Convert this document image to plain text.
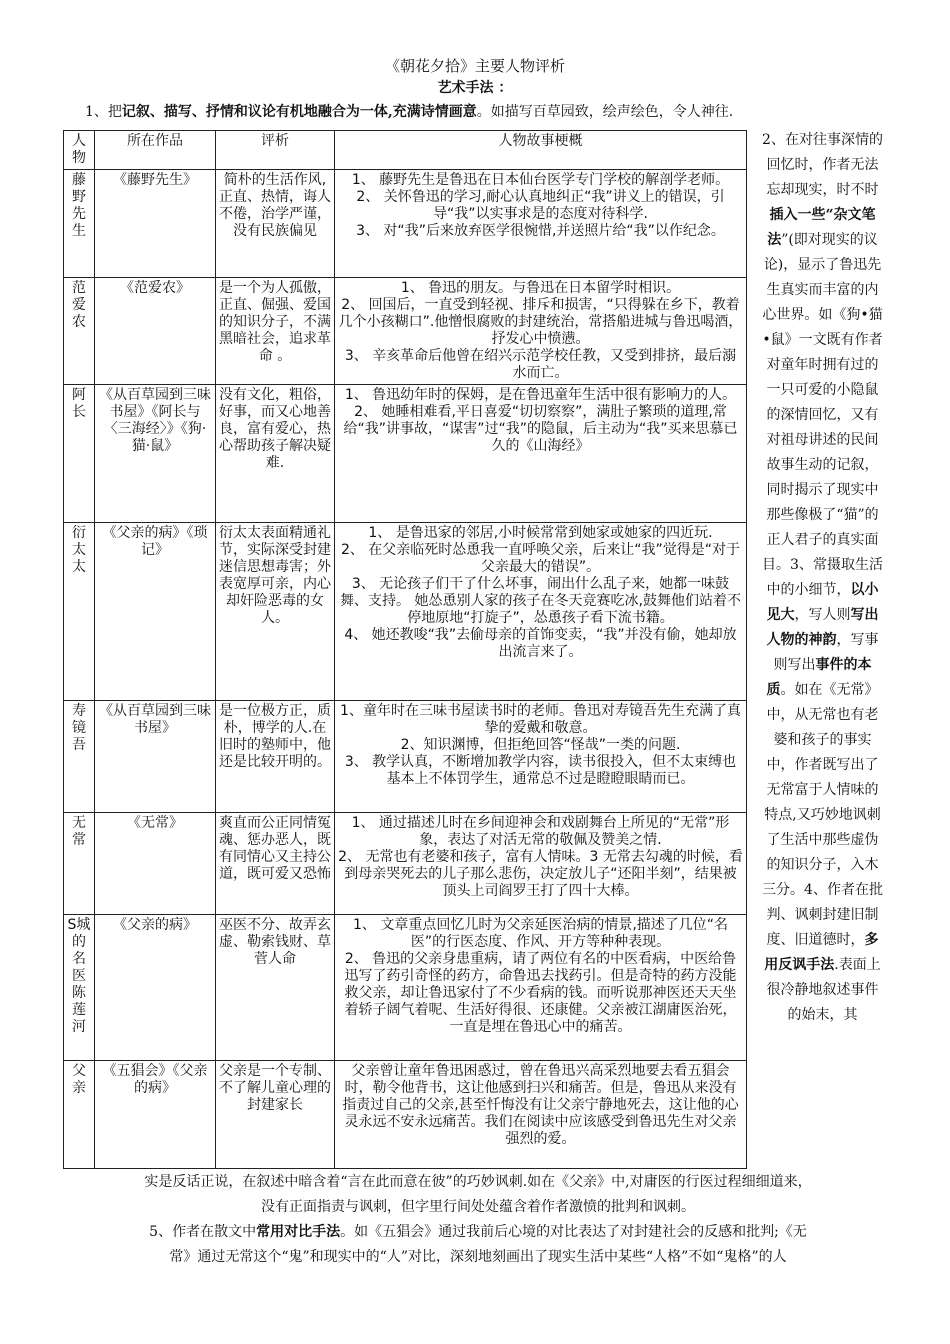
《朝花夕拾》主要人物评析
艺术手法 ：
1、把记叙、描写、抒情和议论有机地融合为一体,充满诗情画意。如描写百草园致，绘声绘色，令人神往.
人物	所在作品	评析	人物故事梗概
藤野先生	《藤野先生》	简朴的生活作风,正直、热情，诲人不倦，治学严谨，没有民族偏见	1、 藤野先生是鲁迅在日本仙台医学专门学校的解剖学老师。
2、 关怀鲁迅的学习,耐心认真地纠正“我”讲义上的错误，引导“我”以实事求是的态度对待科学.
3、 对“我”后来放弃医学很惋惜,并送照片给“我”以作纪念。

范爱农	《范爱农》	是一个为人孤傲，正直、倔强、爱国的知识分子，不满黑暗社会，追求革命 。	1、 鲁迅的朋友。与鲁迅在日本留学时相识。
2、 回国后，一直受到轻视、排斥和损害，“只得躲在乡下，教着几个小孩糊口”.他憎恨腐败的封建统治，常搭船进城与鲁迅喝酒，抒发心中愤懑。
3、 辛亥革命后他曾在绍兴示范学校任教，又受到排挤，最后溺水而亡。

阿长	《从百草园到三味书屋》《阿长与〈三海经〉》《狗·猫·鼠》	没有文化，粗俗，好事，而又心地善良，富有爱心，热心帮助孩子解决疑难.	1、 鲁迅幼年时的保姆，是在鲁迅童年生活中很有影响力的人。
2、 她睡相难看,平日喜爱“切切察察”，满肚子繁琐的道理,常给“我”讲事故，“谋害”过“我”的隐鼠，后主动为“我”买来思慕已久的《山海经》

衍太太	《父亲的病》《琐记》	衍太太表面精通礼节，实际深受封建迷信思想毒害；外表宽厚可亲，内心却奸险恶毒的女人。	1、 是鲁迅家的邻居,小时候常常到她家或她家的四近玩.
2、 在父亲临死时怂恿我一直呼唤父亲，后来让“我”觉得是“对于父亲最大的错误”。
3、 无论孩子们干了什么坏事，闹出什么乱子来，她都一味鼓舞、支持。 她怂恿别人家的孩子在冬天竞赛吃冰,鼓舞他们站着不停地原地“打旋子”，怂恿孩子看下流书籍。
4、 她还教唆“我”去偷母亲的首饰变卖，“我”并没有偷，她却放出流言来了。

寿镜吾	《从百草园到三味书屋》	是一位极方正，质朴，博学的人.在旧时的塾师中，他还是比较开明的。	1、童年时在三味书屋读书时的老师。鲁迅对寿镜吾先生充满了真挚的爱戴和敬意。
2、知识渊博，但拒绝回答“怪哉”一类的问题.
3、 教学认真，不断增加教学内容，读书很投入，但不太束缚也基本上不体罚学生，通常总不过是瞪瞪眼睛而已。

无常	《无常》	爽直而公正同情冤魂、惩办恶人，既有同情心又主持公道，既可爱又恐怖	1、 通过描述儿时在乡间迎神会和戏剧舞台上所见的“无常”形象，表达了对活无常的敬佩及赞美之情.
2、 无常也有老婆和孩子，富有人情味。3 无常去勾魂的时候，看到母亲哭死去的儿子那么悲伤，决定放儿子“还阳半刻”，结果被顶头上司阎罗王打了四十大棒。

S城的名医 陈莲河	《父亲的病》	巫医不分、故弄玄虚、勒索钱财、草菅人命	1、 文章重点回忆儿时为父亲延医治病的情景,描述了几位“名医”的行医态度、作风、开方等种种表现。
2、 鲁迅的父亲身患重病，请了两位有名的中医看病，中医给鲁迅写了药引奇怪的药方，命鲁迅去找药引。但是奇特的药方没能救父亲，却让鲁迅家付了不少看病的钱。而听说那神医还天天坐着轿子阔气着呢、生活好得很、还康健。父亲被江湖庸医治死，一直是埋在鲁迅心中的痛苦。

父亲	《五猖会》《父亲的病》	父亲是一个专制、不了解儿童心理的封建家长	父亲曾让童年鲁迅困惑过，曾在鲁迅兴高采烈地要去看五猖会时，勒令他背书，这让他感到扫兴和痛苦。但是，鲁迅从来没有指责过自己的父亲,甚至忏悔没有让父亲宁静地死去，这让他的心灵永远不安永远痛苦。我们在阅读中应该感受到鲁迅先生对父亲强烈的爱。
2、在对往事深情的回忆时，作者无法忘却现实，时不时插入一些“杂文笔法”(即对现实的议论)，显示了鲁迅先生真实而丰富的内心世界。如《狗•猫•鼠》一文既有作者对童年时拥有过的一只可爱的小隐鼠的深情回忆，又有对祖母讲述的民间故事生动的记叙，同时揭示了现实中那些像极了“猫”的正人君子的真实面目。3、常摄取生活中的小细节，以小见大，写人则写出人物的神韵，写事则写出事件的本质。如在《无常》中，从无常也有老婆和孩子的事实中，作者既写出了无常富于人情味的特点,又巧妙地讽刺了生活中那些虚伪的知识分子，入木三分。4、作者在批判、讽刺封建旧制度、旧道德时，多用反讽手法.表面上很冷静地叙述事件的始末，其
实是反话正说，在叙述中暗含着“言在此而意在彼”的巧妙讽刺.如在《父亲》中,对庸医的行医过程细细道来，
没有正面指责与讽刺，但字里行间处处蕴含着作者激愤的批判和讽刺。
5、作者在散文中常用对比手法。如《五猖会》通过我前后心境的对比表达了对封建社会的反感和批判;《无
常》通过无常这个“鬼”和现实中的“人”对比，深刻地刻画出了现实生活中某些“人格”不如“鬼格”的人
